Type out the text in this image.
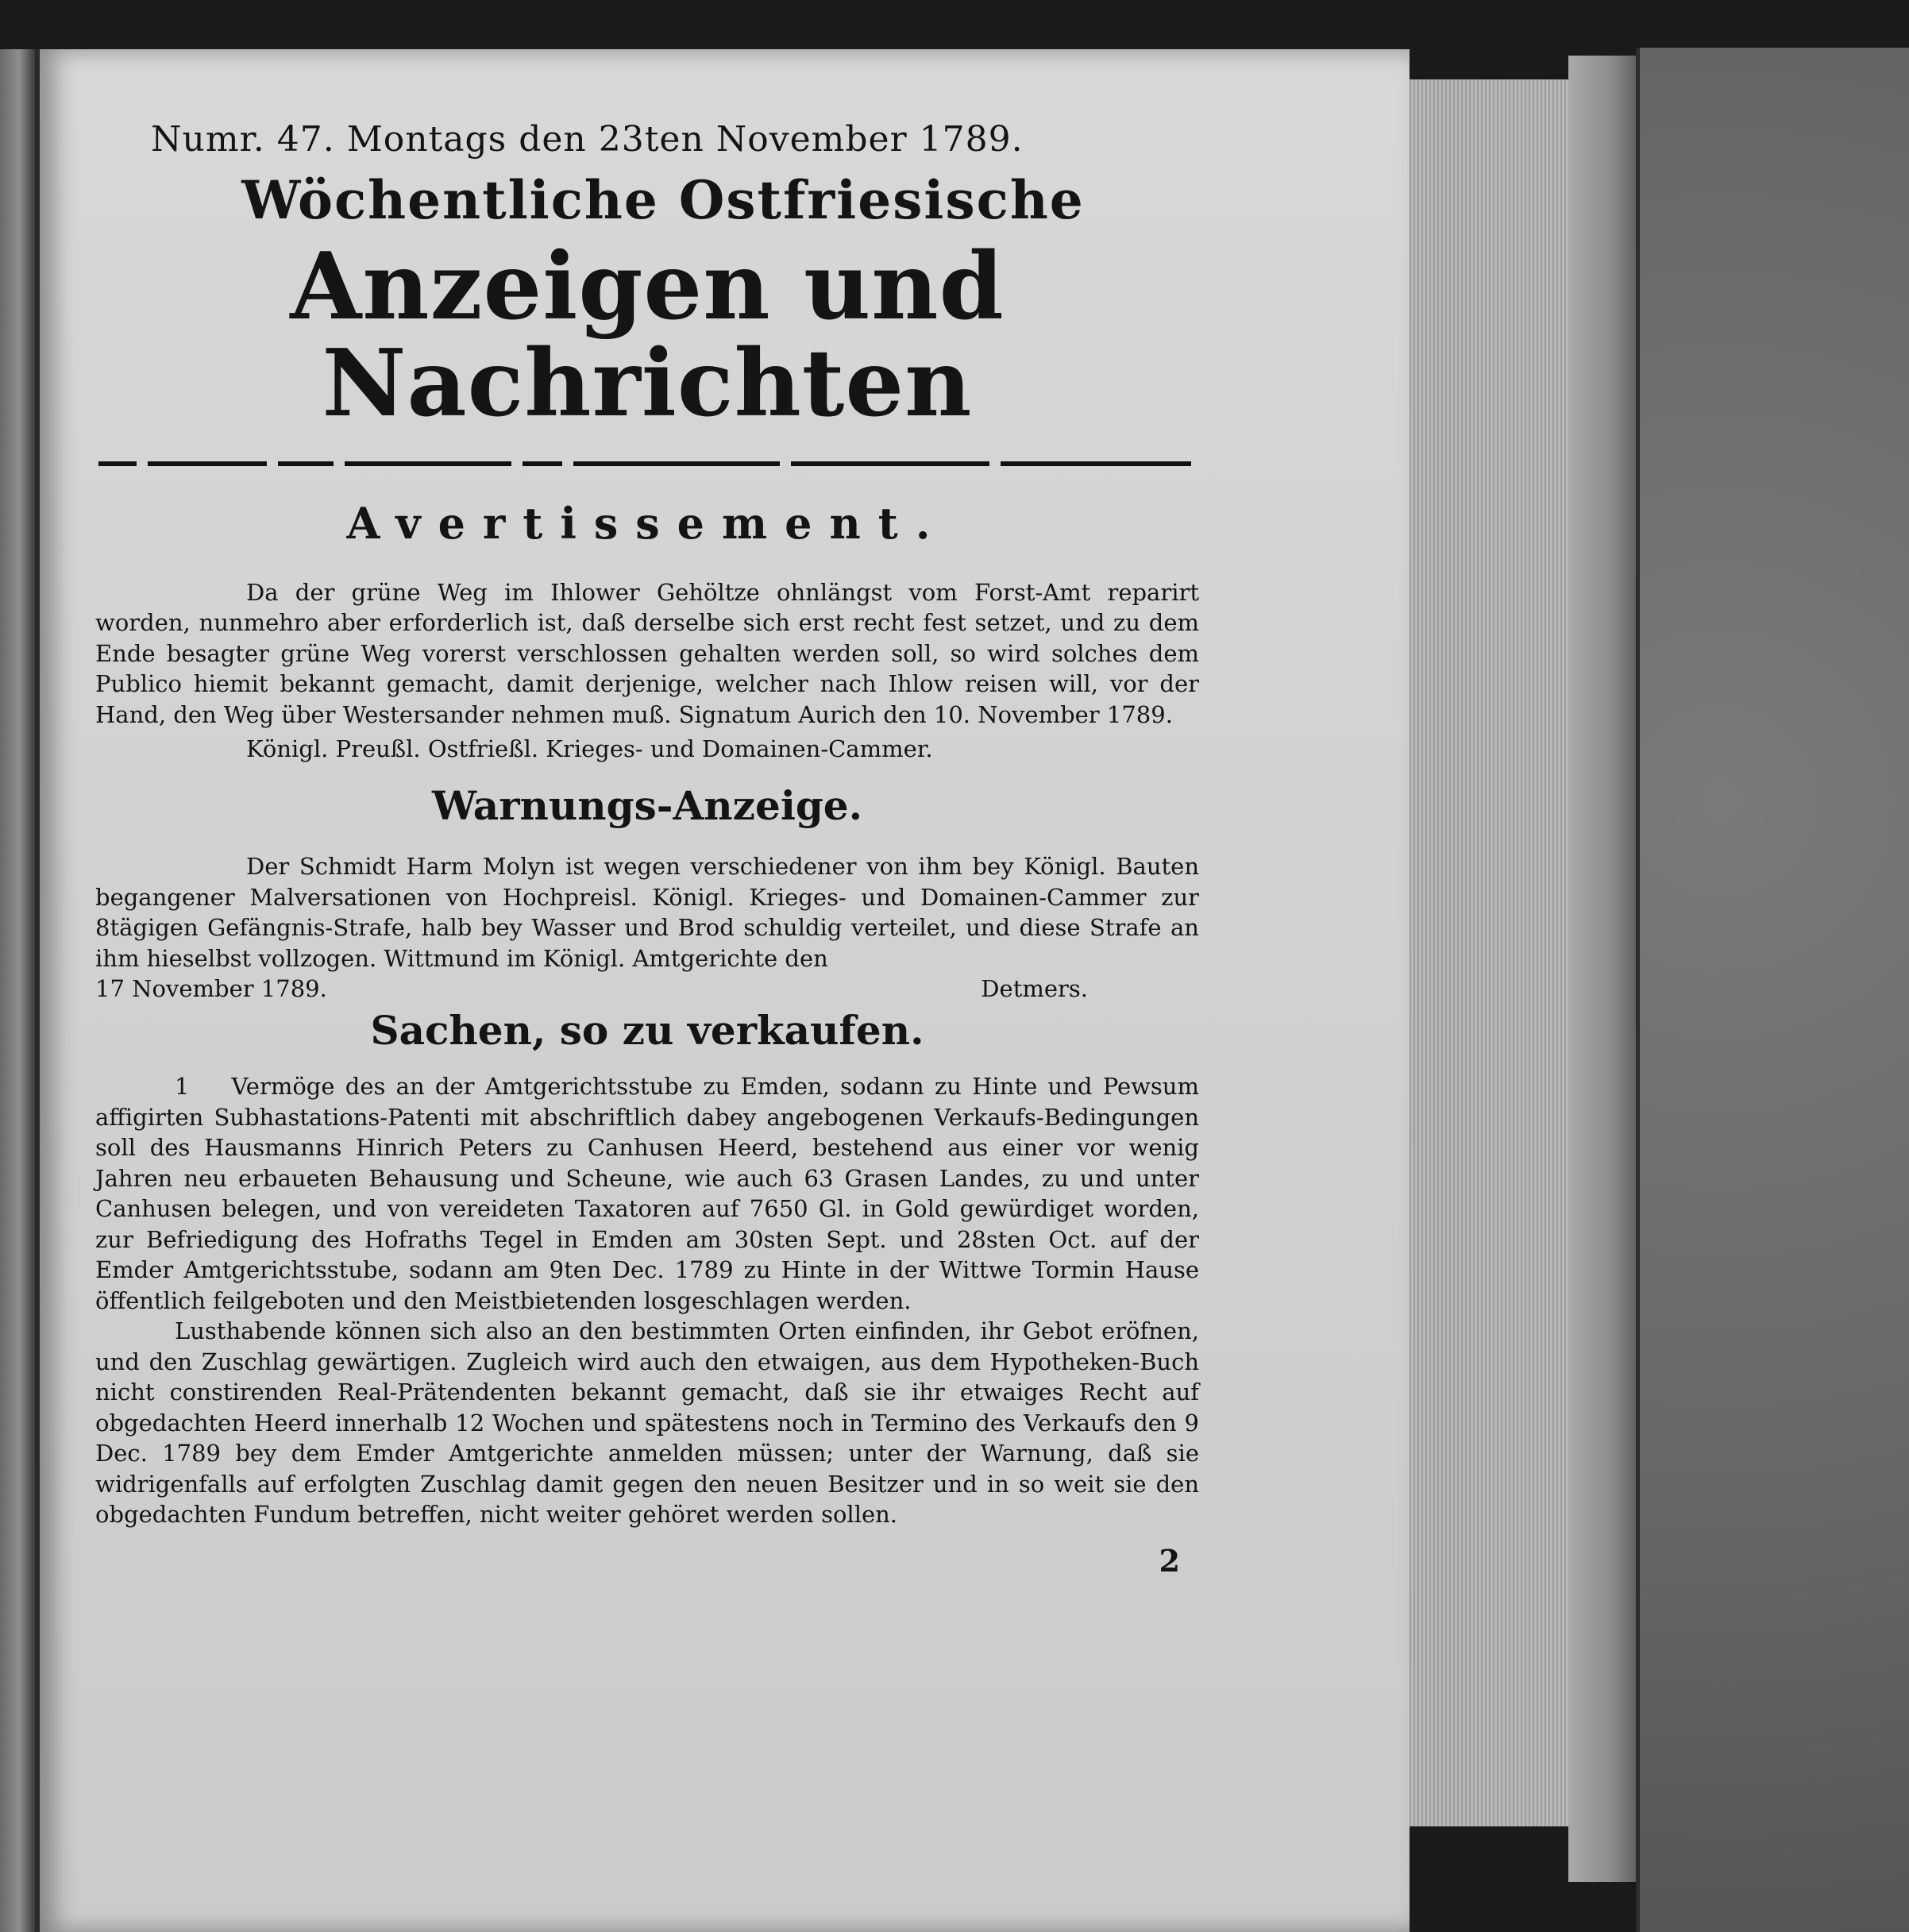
Numr. 47. Montags den 23ten November 1789.
Wöchentliche Ostfriesische
Anzeigen und Nachrichten
Avertissement.
Da der grüne Weg im Ihlower Gehöltze ohnlängst vom Forst-Amt reparirt worden, nunmehro aber erforderlich ist, daß derselbe sich erst recht fest setzet, und zu dem Ende besagter grüne Weg vorerst verschlossen gehalten werden soll, so wird solches dem Publico hiemit bekannt gemacht, damit derjenige, welcher nach Ihlow reisen will, vor der Hand, den Weg über Westersander nehmen muß. Signatum Aurich den 10. November 1789.
Königl. Preußl. Ostfrießl. Krieges- und Domainen-Cammer.
Warnungs-Anzeige.
Der Schmidt Harm Molyn ist wegen verschiedener von ihm bey Königl. Bauten begangener Malversationen von Hochpreisl. Königl. Krieges- und Domainen-Cammer zur 8tägigen Gefängnis-Strafe, halb bey Wasser und Brod schuldig verteilet, und diese Strafe an ihm hieselbst vollzogen. Wittmund im Königl. Amtgerichte den
17 November 1789.	Detmers.
Sachen, so zu verkaufen.
1 Vermöge des an der Amtgerichtsstube zu Emden, sodann zu Hinte und Pewsum affigirten Subhastations-Patenti mit abschriftlich dabey angebogenen Verkaufs-Bedingungen soll des Hausmanns Hinrich Peters zu Canhusen Heerd, bestehend aus einer vor wenig Jahren neu erbaueten Behausung und Scheune, wie auch 63 Grasen Landes, zu und unter Canhusen belegen, und von vereideten Taxatoren auf 7650 Gl. in Gold gewürdiget worden, zur Befriedigung des Hofraths Tegel in Emden am 30sten Sept. und 28sten Oct. auf der Emder Amtgerichtsstube, sodann am 9ten Dec. 1789 zu Hinte in der Wittwe Tormin Hause öffentlich feilgeboten und den Meistbietenden losgeschlagen werden.
Lusthabende können sich also an den bestimmten Orten einfinden, ihr Gebot eröfnen, und den Zuschlag gewärtigen. Zugleich wird auch den etwaigen, aus dem Hypotheken-Buch nicht constirenden Real-Prätendenten bekannt gemacht, daß sie ihr etwaiges Recht auf obgedachten Heerd innerhalb 12 Wochen und spätestens noch in Termino des Verkaufs den 9 Dec. 1789 bey dem Emder Amtgerichte anmelden müssen; unter der Warnung, daß sie widrigenfalls auf erfolgten Zuschlag damit gegen den neuen Besitzer und in so weit sie den obgedachten Fundum betreffen, nicht weiter gehöret werden sollen.
2
